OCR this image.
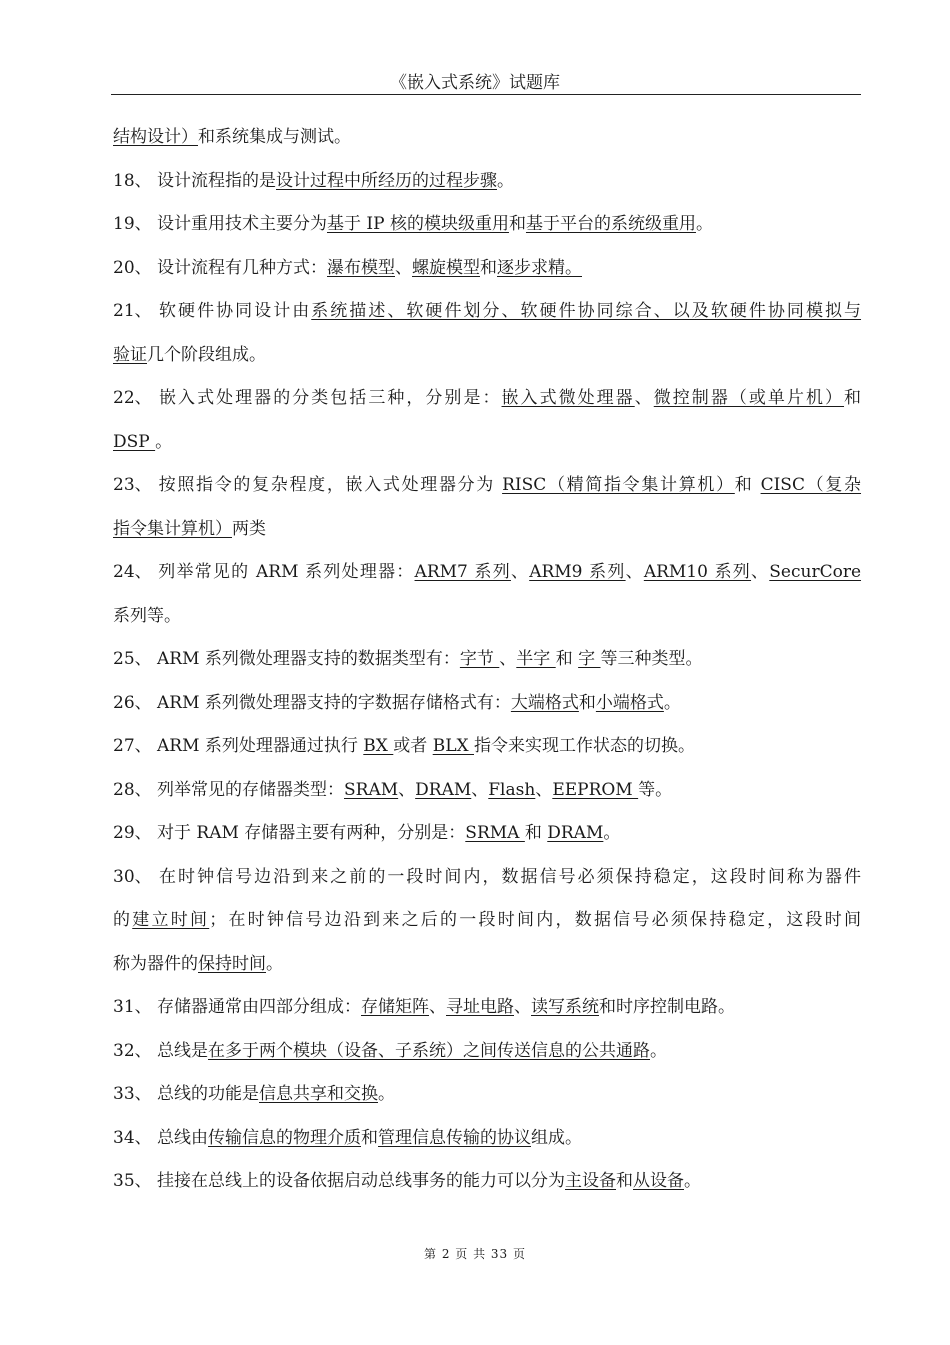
《嵌入式系统》试题库
结构设计）和系统集成与测试。
18、 设计流程指的是设计过程中所经历的过程步骤。
19、 设计重用技术主要分为基于 IP 核的模块级重用和基于平台的系统级重用。
20、 设计流程有几种方式：瀑布模型、螺旋模型和逐步求精。
21、 软硬件协同设计由系统描述、软硬件划分、软硬件协同综合、以及软硬件协同模拟与
验证几个阶段组成。
22、 嵌入式处理器的分类包括三种，分别是：嵌入式微处理器、微控制器（或单片机）和
DSP 。
23、 按照指令的复杂程度，嵌入式处理器分为 RISC（精简指令集计算机）和 CISC（复杂
指令集计算机）两类
24、 列举常见的 ARM 系列处理器：ARM7 系列、ARM9 系列、ARM10 系列、SecurCore
系列等。
25、 ARM 系列微处理器支持的数据类型有：字节 、半字 和 字 等三种类型。
26、 ARM 系列微处理器支持的字数据存储格式有：大端格式和小端格式。
27、 ARM 系列处理器通过执行 BX 或者 BLX 指令来实现工作状态的切换。
28、 列举常见的存储器类型：SRAM、DRAM、Flash、EEPROM 等。
29、 对于 RAM 存储器主要有两种，分别是：SRMA 和 DRAM。
30、 在时钟信号边沿到来之前的一段时间内，数据信号必须保持稳定，这段时间称为器件
的建立时间；在时钟信号边沿到来之后的一段时间内，数据信号必须保持稳定，这段时间
称为器件的保持时间。
31、 存储器通常由四部分组成：存储矩阵、寻址电路、读写系统和时序控制电路。
32、 总线是在多于两个模块（设备、子系统）之间传送信息的公共通路。
33、 总线的功能是信息共享和交换。
34、 总线由传输信息的物理介质和管理信息传输的协议组成。
35、 挂接在总线上的设备依据启动总线事务的能力可以分为主设备和从设备。
第 2 页 共 33 页
